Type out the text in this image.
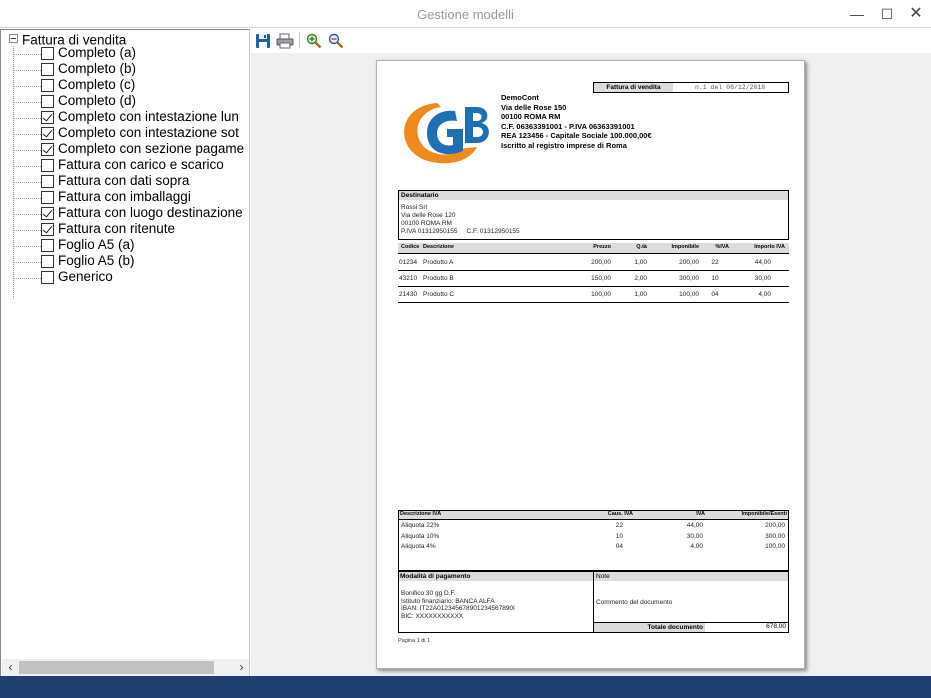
Gestione modelli	—	☐ ✕
Fattura di vendita
Completo (a)
Completo (b)
Completo (c)
Completo (d)
Completo con intestazione lun
Completo con intestazione sot
Completo con sezione pagame
Fattura con carico e scarico
Fattura con dati sopra
Fattura con imballaggi
Fattura con luogo destinazione
Fattura con ritenute
Foglio A5 (a)
Foglio A5 (b)
Generico
‹	›
Fattura di vendita	n.1 del 06/12/2018
DemoCont
Via delle Rose 150
00100 ROMA RM
C.F. 06363391001 - P.IVA 06363391001
REA 123456 - Capitale Sociale 100.000,00€
Iscritto al registro imprese di Roma
Destinatario
Rossi Srl
Via delle Rose 120
00100 ROMA RM
P.IVA 01312950155     C.F. 01312950155
Codice Descrizione	Prezzo	Q.tà	Imponibile	%IVA	Importo IVA
01234 Prodotto A	200,00	1,00	200,00	22	44,00
43210 Prodotto B	150,00	2,00	300,00	10	30,00
21430 Prodotto C	100,00	1,00	100,00	04	4,00
Descrizione IVA	Caus. IVA	IVA	Imponibile/Esenti
Aliquota 22%	22	44,00	200,00
Aliquota 10%	10	30,00	300,00
Aliquota 4%	04	4,00	100,00
Modalità di pagamento
Bonifico 30 gg D.F.
Istituto finanziario: BANCA ALFA
IBAN: IT22A012345678901234567890I
BIC: XXXXXXXXXXX
Note
Commento del documento
Totale documento	678,00
Pagina 1 di 1
